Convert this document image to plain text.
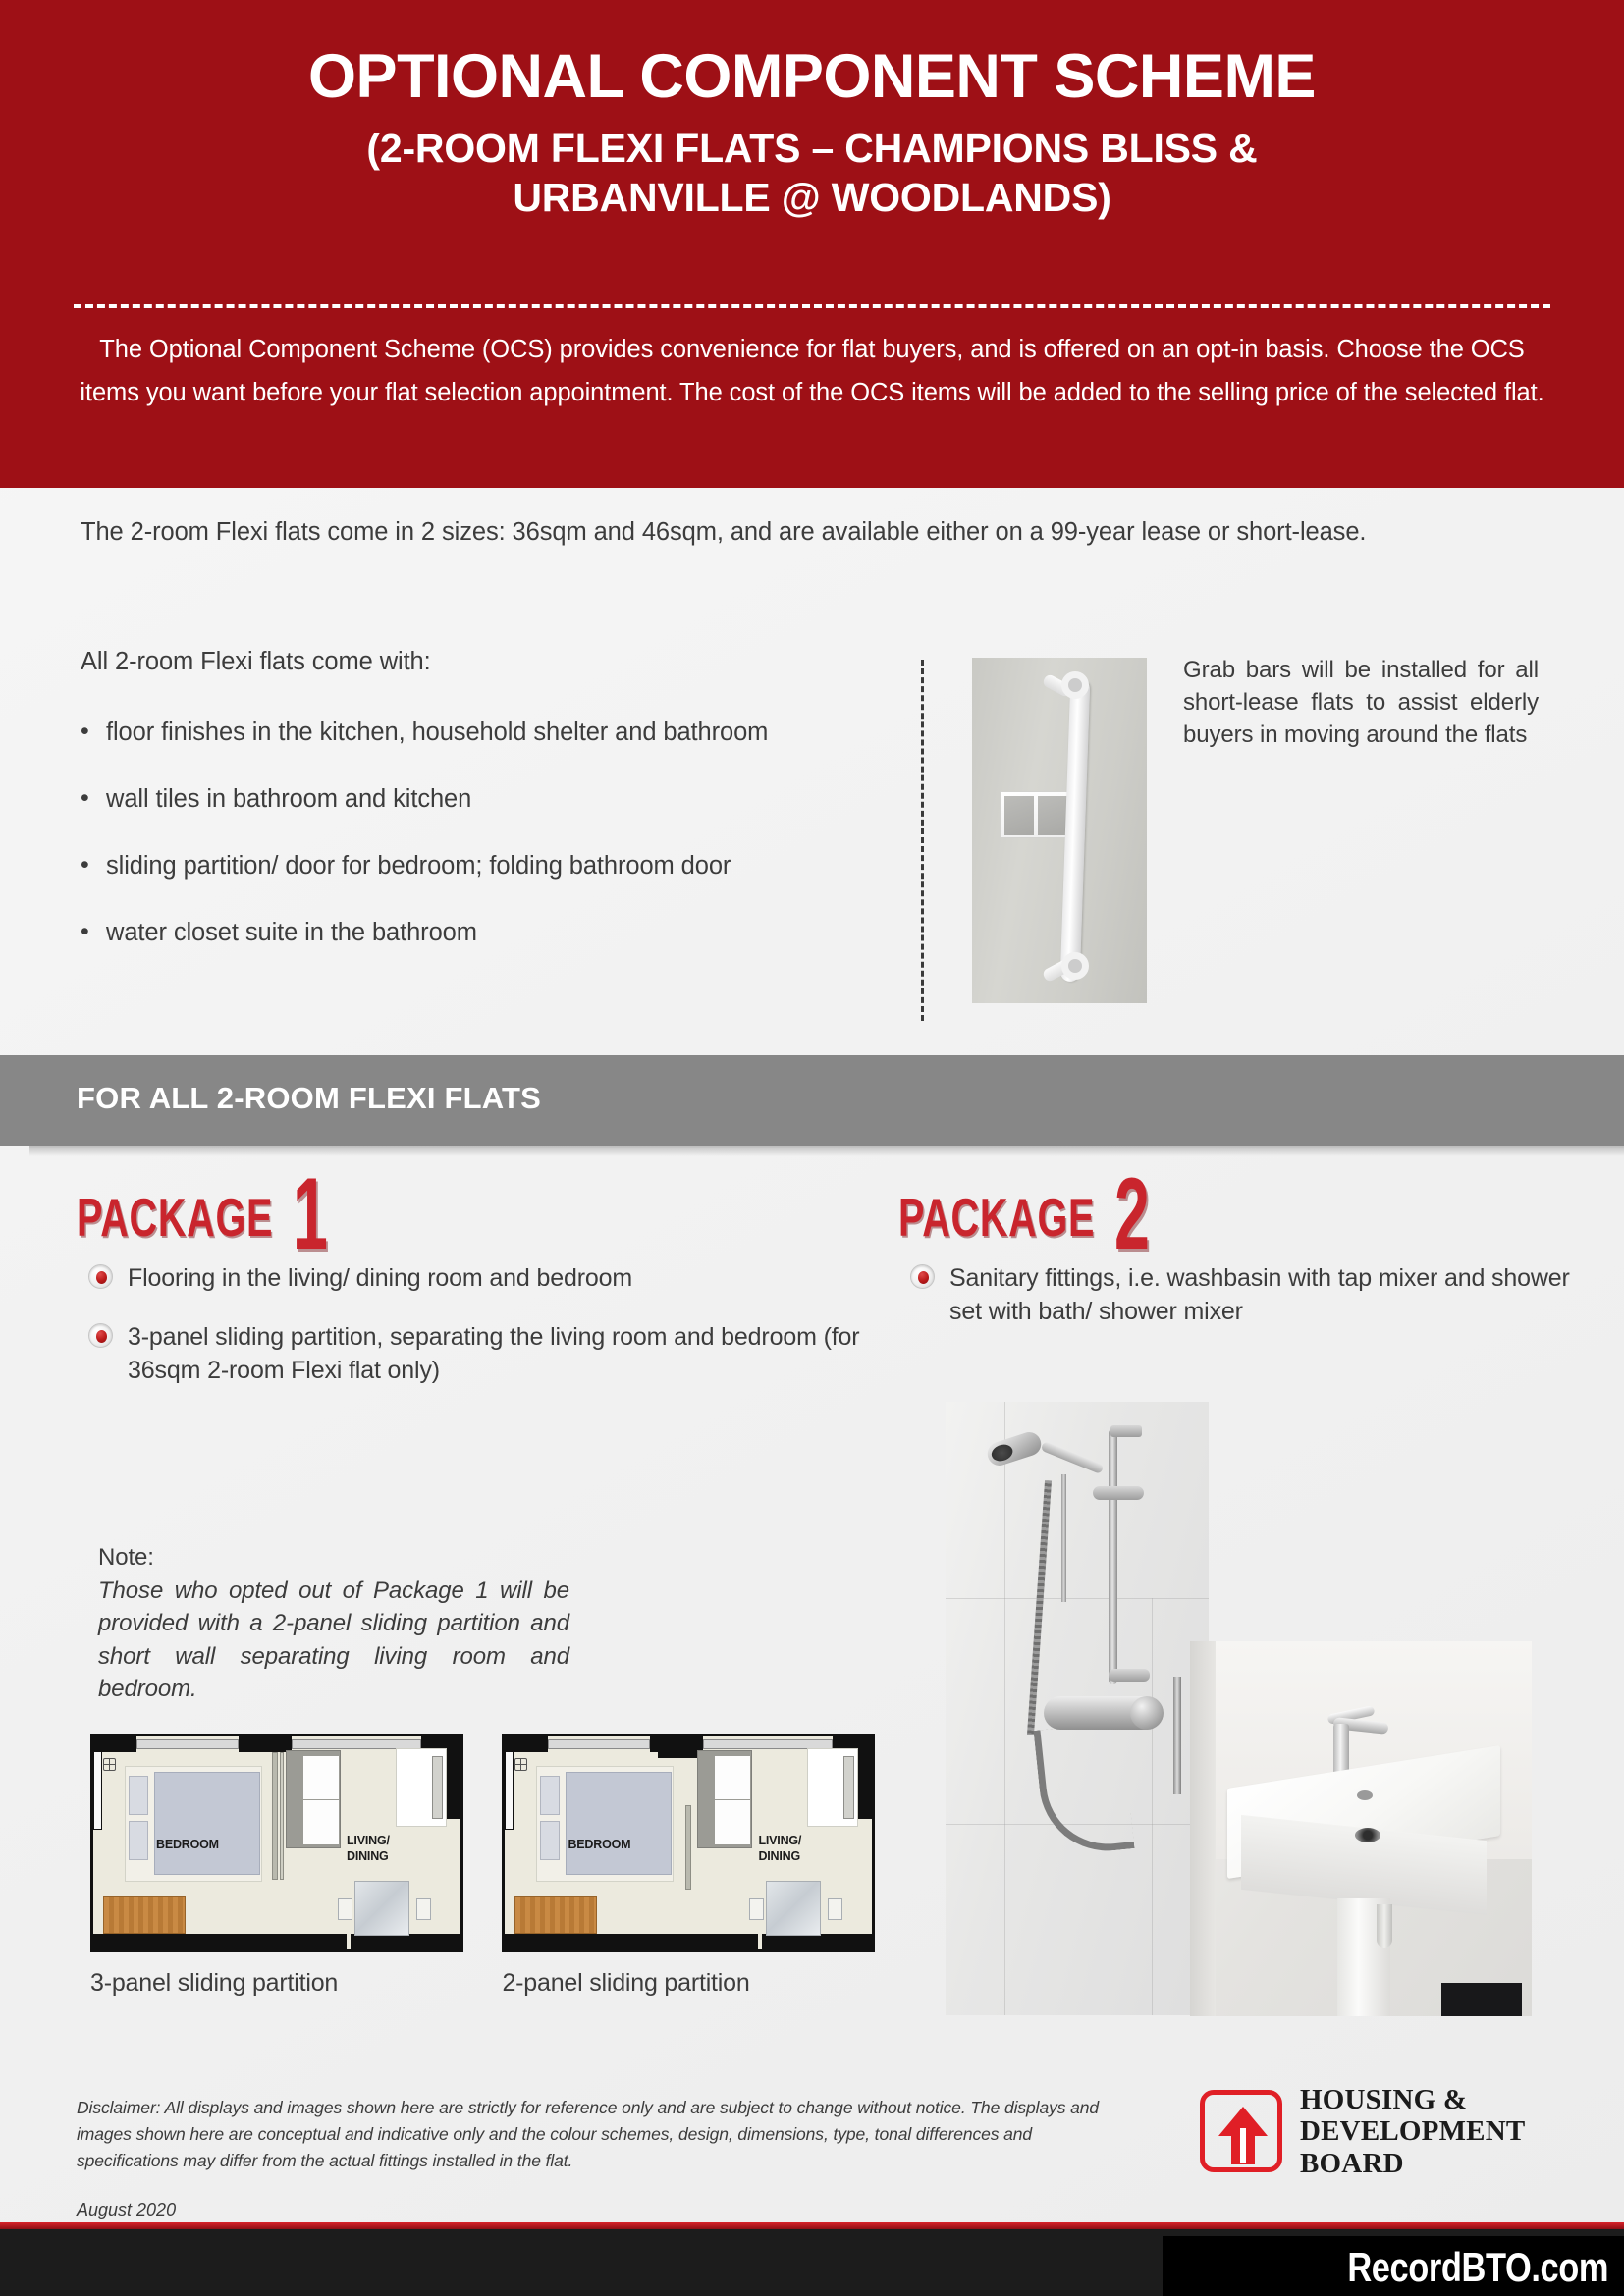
OPTIONAL COMPONENT SCHEME
(2-ROOM FLEXI FLATS – CHAMPIONS BLISS &
URBANVILLE @ WOODLANDS)
The Optional Component Scheme (OCS) provides convenience for flat buyers, and is offered on an opt-in basis. Choose the OCS items you want before your flat selection appointment. The cost of the OCS items will be added to the selling price of the selected flat.
The 2-room Flexi flats come in 2 sizes: 36sqm and 46sqm, and are available either on a 99-year lease or short-lease.
All 2-room Flexi flats come with:
• floor finishes in the kitchen, household shelter and bathroom
• wall tiles in bathroom and kitchen
• sliding partition/ door for bedroom; folding bathroom door
• water closet suite in the bathroom
Grab bars will be installed for all short-lease flats to assist elderly buyers in moving around the flats
FOR ALL 2-ROOM FLEXI FLATS
PACKAGE 1
Flooring in the living/ dining room and bedroom
3-panel sliding partition, separating the living room and bedroom (for 36sqm 2-room Flexi flat only)
Note:
Those who opted out of Package 1 will be provided with a 2-panel sliding partition and short wall separating living room and bedroom.
BEDROOM	LIVING/
DINING
3-panel sliding partition

BEDROOM	LIVING/
DINING
2-panel sliding partition
PACKAGE 2
Sanitary fittings, i.e. washbasin with tap mixer and shower set with bath/ shower mixer
Disclaimer: All displays and images shown here are strictly for reference only and are subject to change without notice. The displays and images shown here are conceptual and indicative only and the colour schemes, design, dimensions, type, tonal differences and specifications may differ from the actual fittings installed in the flat.
August 2020
HOUSING &
DEVELOPMENT
BOARD
RecordBTO.com
